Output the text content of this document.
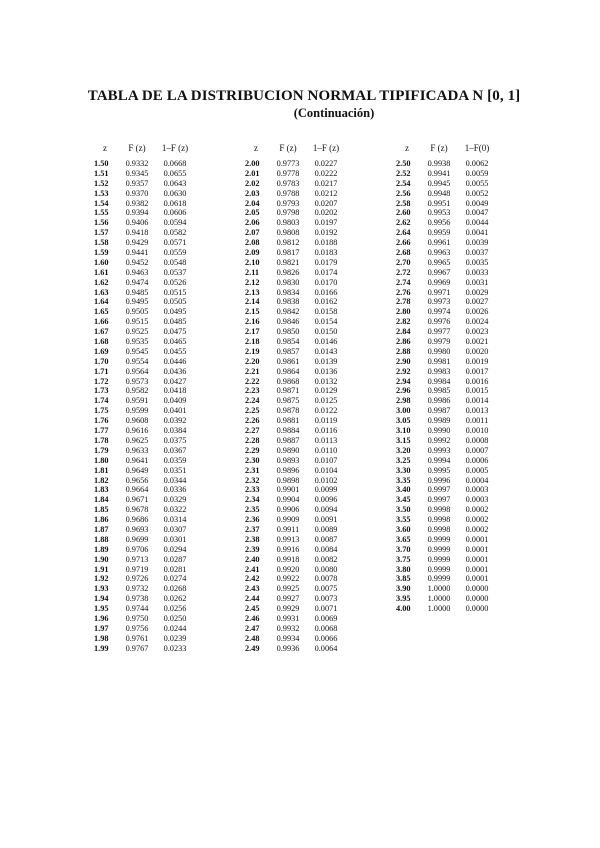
TABLA DE LA DISTRIBUCION NORMAL TIPIFICADA N [0, 1]
(Continuación)
z	F (z)	1–F (z)
1.50	0.9332	0.0668
1.51	0.9345	0.0655
1.52	0.9357	0.0643
1.53	0.9370	0.0630
1.54	0.9382	0.0618
1.55	0.9394	0.0606
1.56	0.9406	0.0594
1.57	0.9418	0.0582
1.58	0.9429	0.0571
1.59	0.9441	0.0559
1.60	0.9452	0.0548
1.61	0.9463	0.0537
1.62	0.9474	0.0526
1.63	0.9485	0.0515
1.64	0.9495	0.0505
1.65	0.9505	0.0495
1.66	0.9515	0.0485
1.67	0.9525	0.0475
1.68	0.9535	0.0465
1.69	0.9545	0.0455
1.70	0.9554	0.0446
1.71	0.9564	0.0436
1.72	0.9573	0.0427
1.73	0.9582	0.0418
1.74	0.9591	0.0409
1.75	0.9599	0.0401
1.76	0.9608	0.0392
1.77	0.9616	0.0384
1.78	0.9625	0.0375
1.79	0.9633	0.0367
1.80	0.9641	0.0359
1.81	0.9649	0.0351
1.82	0.9656	0.0344
1.83	0.9664	0.0336
1.84	0.9671	0.0329
1.85	0.9678	0.0322
1.86	0.9686	0.0314
1.87	0.9693	0.0307
1.88	0.9699	0.0301
1.89	0.9706	0.0294
1.90	0.9713	0.0287
1.91	0.9719	0.0281
1.92	0.9726	0.0274
1.93	0.9732	0.0268
1.94	0.9738	0.0262
1.95	0.9744	0.0256
1.96	0.9750	0.0250
1.97	0.9756	0.0244
1.98	0.9761	0.0239
1.99	0.9767	0.0233
z	F (z)	1–F (z)
2.00	0.9773	0.0227
2.01	0.9778	0.0222
2.02	0.9783	0.0217
2.03	0.9788	0.0212
2.04	0.9793	0.0207
2.05	0.9798	0.0202
2.06	0.9803	0.0197
2.07	0.9808	0.0192
2.08	0.9812	0.0188
2.09	0.9817	0.0183
2.10	0.9821	0.0179
2.11	0.9826	0.0174
2.12	0.9830	0.0170
2.13	0.9834	0.0166
2.14	0.9838	0.0162
2.15	0.9842	0.0158
2.16	0.9846	0.0154
2.17	0.9850	0.0150
2.18	0.9854	0.0146
2.19	0.9857	0.0143
2.20	0.9861	0.0139
2.21	0.9864	0.0136
2.22	0.9868	0.0132
2.23	0.9871	0.0129
2.24	0.9875	0.0125
2.25	0.9878	0.0122
2.26	0.9881	0.0119
2.27	0.9884	0.0116
2.28	0.9887	0.0113
2.29	0.9890	0.0110
2.30	0.9893	0.0107
2.31	0.9896	0.0104
2.32	0.9898	0.0102
2.33	0.9901	0.0099
2.34	0.9904	0.0096
2.35	0.9906	0.0094
2.36	0.9909	0.0091
2.37	0.9911	0.0089
2.38	0.9913	0.0087
2.39	0.9916	0.0084
2.40	0.9918	0.0082
2.41	0.9920	0.0080
2.42	0.9922	0.0078
2.43	0.9925	0.0075
2.44	0.9927	0.0073
2.45	0.9929	0.0071
2.46	0.9931	0.0069
2.47	0.9932	0.0068
2.48	0.9934	0.0066
2.49	0.9936	0.0064
z	F (z)	1–F(0)
2.50	0.9938	0.0062
2.52	0.9941	0.0059
2.54	0.9945	0.0055
2.56	0.9948	0.0052
2.58	0.9951	0.0049
2.60	0.9953	0.0047
2.62	0.9956	0.0044
2.64	0.9959	0.0041
2.66	0.9961	0.0039
2.68	0.9963	0.0037
2.70	0.9965	0.0035
2.72	0.9967	0.0033
2.74	0.9969	0.0031
2.76	0.9971	0.0029
2.78	0.9973	0.0027
2.80	0.9974	0.0026
2.82	0.9976	0.0024
2.84	0.9977	0.0023
2.86	0.9979	0.0021
2.88	0.9980	0.0020
2.90	0.9981	0.0019
2.92	0.9983	0.0017
2.94	0.9984	0.0016
2.96	0.9985	0.0015
2.98	0.9986	0.0014
3.00	0.9987	0.0013
3.05	0.9989	0.0011
3.10	0.9990	0.0010
3.15	0.9992	0.0008
3.20	0.9993	0.0007
3.25	0.9994	0.0006
3.30	0.9995	0.0005
3.35	0.9996	0.0004
3.40	0.9997	0.0003
3.45	0.9997	0.0003
3.50	0.9998	0.0002
3.55	0.9998	0.0002
3.60	0.9998	0.0002
3.65	0.9999	0.0001
3.70	0.9999	0.0001
3.75	0.9999	0.0001
3.80	0.9999	0.0001
3.85	0.9999	0.0001
3.90	1.0000	0.0000
3.95	1.0000	0.0000
4.00	1.0000	0.0000
